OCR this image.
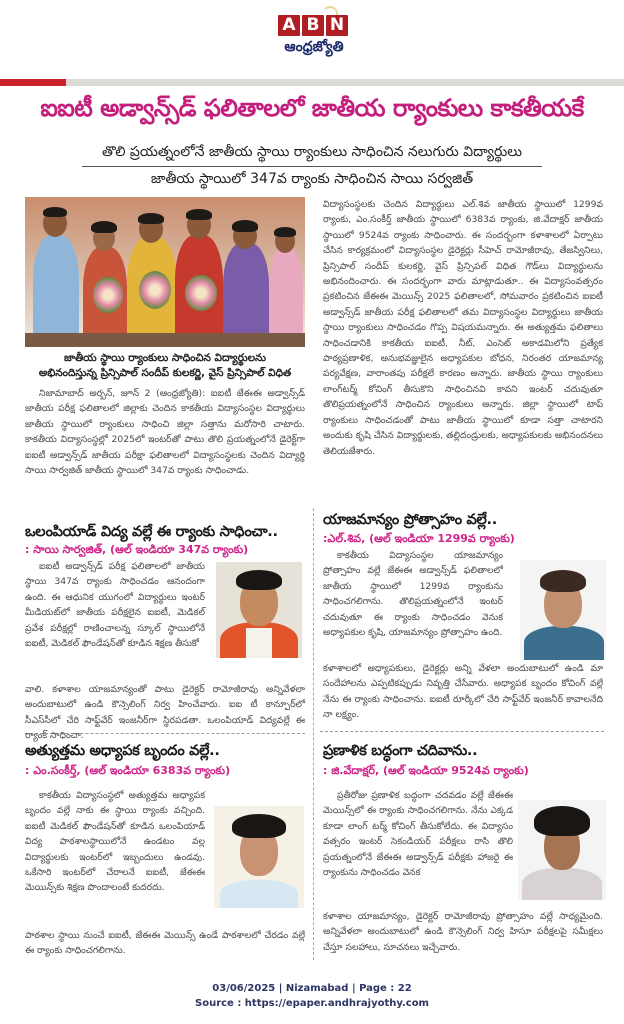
A B N
ఆంధ్రజ్యోతి
ఐఐటీ అడ్వాన్స్‌డ్ ఫలితాలలో జాతీయ ర్యాంకులు కాకతీయకే
తొలి ప్రయత్నంలోనే జాతీయ స్థాయి ర్యాంకులు సాధించిన నలుగురు విద్యార్థులు
జాతీయ స్థాయిలో 347వ ర్యాంకు సాధించిన సాయి సర్వజిత్
జాతీయ స్థాయి ర్యాంకులు సాధించిన విద్యార్థులను
అభినందిస్తున్న ప్రిన్సిపాల్ సందీప్ కులకర్ణి, వైస్ ప్రిన్సిపాల్ విధిత

నిజామాబాద్ అర్బన్, జూన్ 2 (ఆంధ్రజ్యోతి): ఐఐటీ జేఈఈ అడ్వాన్స్‌డ్ జాతీయ పరీక్ష ఫలితాలలో జిల్లాకు చెందిన కాకతీయ విద్యాసంస్థల విద్యార్థులు జాతీయ స్థాయిలో ర్యాంకులు సాధించి జిల్లా సత్తాను మరోసారి చాటారు. కాకతీయ విద్యాసంస్థల్లో 2025లో ఇంటర్‌తో పాటు తొలి ప్రయత్నంలోనే డైరెక్ట్‌గా ఐఐటీ అడ్వాన్స్‌డ్ జాతీయ పరీక్షా ఫలితాలలో విద్యాసంస్థలకు చెందిన విద్యార్థి సాయి సార్వజిత్ జాతీయ స్థాయిలో 347వ ర్యాంకు సాధించాడు.

విద్యాసంస్థలకు చెందిన విద్యార్థులు ఎల్.శివ జాతీయ స్థాయిలో 1299వ ర్యాంకు, ఎం.సంకీర్త్ జాతీయ స్థాయిలో 6383వ ర్యాంకు, జి.వేదాక్షర్ జాతీయ స్థాయిలో 9524వ ర్యాంకు సాధించారు. ఈ సందర్భంగా కళాశాలలో ఏర్పాటు చేసిన కార్యక్రమంలో విద్యాసంస్థల డైరెక్టర్లు సీహెచ్ రామోజీరావు, తేజస్వినిలు, ప్రిన్సిపాల్ సందీప్ కులకర్ణి, వైస్ ప్రిన్సిపల్ విధిత గౌడ్‌లు విద్యార్థులను అభినందించారు. ఈ సందర్భంగా వారు మాట్లాడుతూ.. ఈ విద్యాసంవత్సరం ప్రకటించిన జేఈఈ మెయిన్స్ 2025 ఫలితాలలో, సోమవారం ప్రకటించిన ఐఐటీ అడ్వాన్స్‌డ్ జాతీయ పరీక్ష ఫలితాలలో తమ విద్యాసంస్థల విద్యార్థులు జాతీయ స్థాయి ర్యాంకులు సాధించడం గొప్ప విషయమన్నారు. ఈ అత్యుత్తమ ఫలితాలు సాధించడానికి కాకతీయ ఐఐటీ, నీట్, ఎంసెట్ అకాడమిలోని ప్రత్యేక పాఠ్యప్రణాళిక, అనుభవజ్ఞులైన అధ్యాపకుల బోధన, నిరంతర యాజమాన్య పర్యవేక్షణ, వారాంతపు పరీక్షలే కారణం అన్నారు. జాతీయ స్థాయి ర్యాంకులు లాంగ్‌టర్మ్ కోచింగ్ తీసుకొని సాధించినవి కావని ఇంటర్ చదువుతూ తొలిప్రయత్నంలోనే సాధించిన ర్యాంకులు అన్నారు. జిల్లా స్థాయిలో టాప్ ర్యాంకులు సాధించడంతో పాటు జాతీయ స్థాయిలో కూడా సత్తా చాటారని అందుకు కృషి చేసిన విద్యార్థులకు, తల్లిదండ్రులకు, అధ్యాపకులకు అభినందనలు తెలియజేశారు.

ఒలంపియాడ్ విద్య వల్లే ఈ ర్యాంకు సాధించా..
: సాయి సార్వజిత్, (ఆల్ ఇండియా 347వ ర్యాంకు)

ఐఐటీ అడ్వాన్స్‌డ్ పరీక్ష ఫలితాలలో జాతీయ స్థాయి 347వ ర్యాంకు సాధించడం ఆనందంగా ఉంది. ఈ ఆధునిక యుగంలో విద్యార్థులు ఇంటర్ మీడియట్‌లో జాతీయ పరీక్షలైన ఐఐటీ, మెడికల్ ప్రవేశ పరీక్షల్లో రాణించాలన్న స్కూల్ స్థాయిలోనే ఐఐటీ, మెడికల్ ఫౌండేషన్‌తో కూడిన శిక్షణ తీసుకో

వాలి. కళాశాల యాజమాన్యంతో పాటు డైరెక్టర్ రామోజీరావు అన్నివేళలా అందుబాటులో ఉండి కౌన్సెలింగ్ నిర్వ హించేవారు. ఐఐ టీ కాన్పూర్‌లో సీఎస్‌సీలో చేరి సాఫ్ట్‌వేర్ ఇంజనీర్‌గా స్థిరపడతా. ఒలంపియాడ్ విద్యవల్లే ఈ ర్యాంక్ సాధించా.

యాజమాన్యం ప్రోత్సాహం వల్లే..
:ఎల్.శివ, (ఆల్ ఇండియా 1299వ ర్యాంకు)

కాకతీయ విద్యాసంస్థల యాజమాన్యం ప్రోత్సాహం వల్లే జేఈఈ అడ్వాన్స్‌డ్ ఫలితాలలో జాతీయ స్థాయిలో 1299వ ర్యాంకును సాధించగలిగాను. తొలిప్రయత్నంలోనే ఇంటర్ చదువుతూ ఈ ర్యాంకు సాధించడం వెనుక అధ్యాపకుల కృషి, యాజమాన్యం ప్రోత్సాహం ఉంది.

కళాశాలలో అధ్యాపకులు, డైరెక్టర్లు అన్ని వేళలా అందుబాటులో ఉండి మా సందేహాలను ఎప్పటికప్పుడు నివృత్తి చేసేవారు. అధ్యాపక బృందం కోచింగ్ వల్లే నేను ఈ ర్యాంకు సాధించాను. ఐఐటీ రూర్కీలో చేరి సాఫ్ట్‌వేర్ ఇంజనీర్ కావాలనేది నా లక్ష్యం.

అత్యుత్తమ అధ్యాపక బృందం వల్లే..
: ఎం.సంకీర్త్, (ఆల్ ఇండియా 6383వ ర్యాంకు)

కాకతీయ విద్యాసంస్థలో అత్యుత్తమ అధ్యాపక బృందం వల్లే నాకు ఈ స్థాయి ర్యాంకు వచ్చింది. ఐఐటీ మెడికల్ ఫౌండేషన్‌తో కూడిన ఒలంపియాడ్ విద్య పాఠశాలస్థాయిలోనే ఉండటం వల్ల విద్యార్థులకు ఇంటర్‌లో ఇబ్బందులు ఉండవు. ఒకేసారి ఇంటర్‌లో చేరాలనే ఐఐటీ, జేఈఈ మెయిన్స్‌కు శిక్షణ పొందాలంటే కుదరదు.

పాఠశాల స్థాయి నుంచే ఐఐటీ, జేఈఈ మెయిన్స్ ఉండే పాఠశాలలో చేరడం వల్లే ఈ ర్యాంకు సాధించగలిగాను.

ప్రణాళిక బద్ధంగా చదివాను..
: జి.వేదాక్షర్, (ఆల్ ఇండియా 9524వ ర్యాంకు)

ప్రతీరోజు ప్రణాళిక బద్ధంగా చదవడం వల్లే జేఈఈ మెయిన్స్‌లో ఈ ర్యాంకు సాధించగలిగాను. నేను ఎక్కడ కూడా లాంగ్ టర్మ్ కోచింగ్ తీసుకోలేదు. ఈ విద్యాసం వత్సరం ఇంటర్ సెకండియర్ పరీక్షలు రాసి తొలి ప్రయత్నంలోనే జేఈఈ అడ్వాన్స్‌డ్ పరీక్షకు హాజరై ఈ ర్యాంకును సాధించడం వెనక

కళాశాల యాజమాన్యం, డైరెక్టర్ రామోజీరావు ప్రోత్సాహం వల్లే సాధ్యమైంది. అన్నివేళలా అందుబాటులో ఉండి కౌన్సెలింగ్ నిర్వ హిసూ పరీక్షలపై సమీక్షలు చేస్తూ సలహాలు, సూచనలు ఇచ్చేవారు.

03/06/2025 | Nizamabad | Page : 22
Source : https://epaper.andhrajyothy.com
